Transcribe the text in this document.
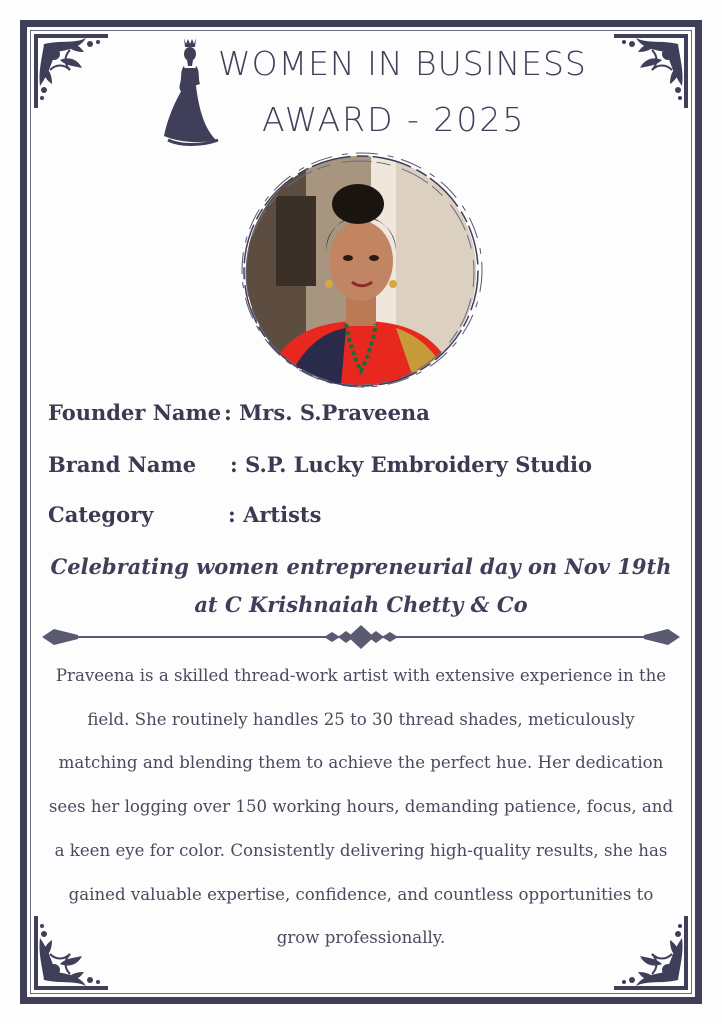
WOMEN IN BUSINESS
AWARD - 2025
Founder Name : Mrs. S.Praveena
Brand Name : S.P. Lucky Embroidery Studio
Category	: Artists
Celebrating women entrepreneurial day on Nov 19th
at C Krishnaiah Chetty & Co
Praveena is a skilled thread-work artist with extensive experience in the field. She routinely handles 25 to 30 thread shades, meticulously matching and blending them to achieve the perfect hue. Her dedication sees her logging over 150 working hours, demanding patience, focus, and a keen eye for color. Consistently delivering high-quality results, she has gained valuable expertise, confidence, and countless opportunities to grow professionally.
